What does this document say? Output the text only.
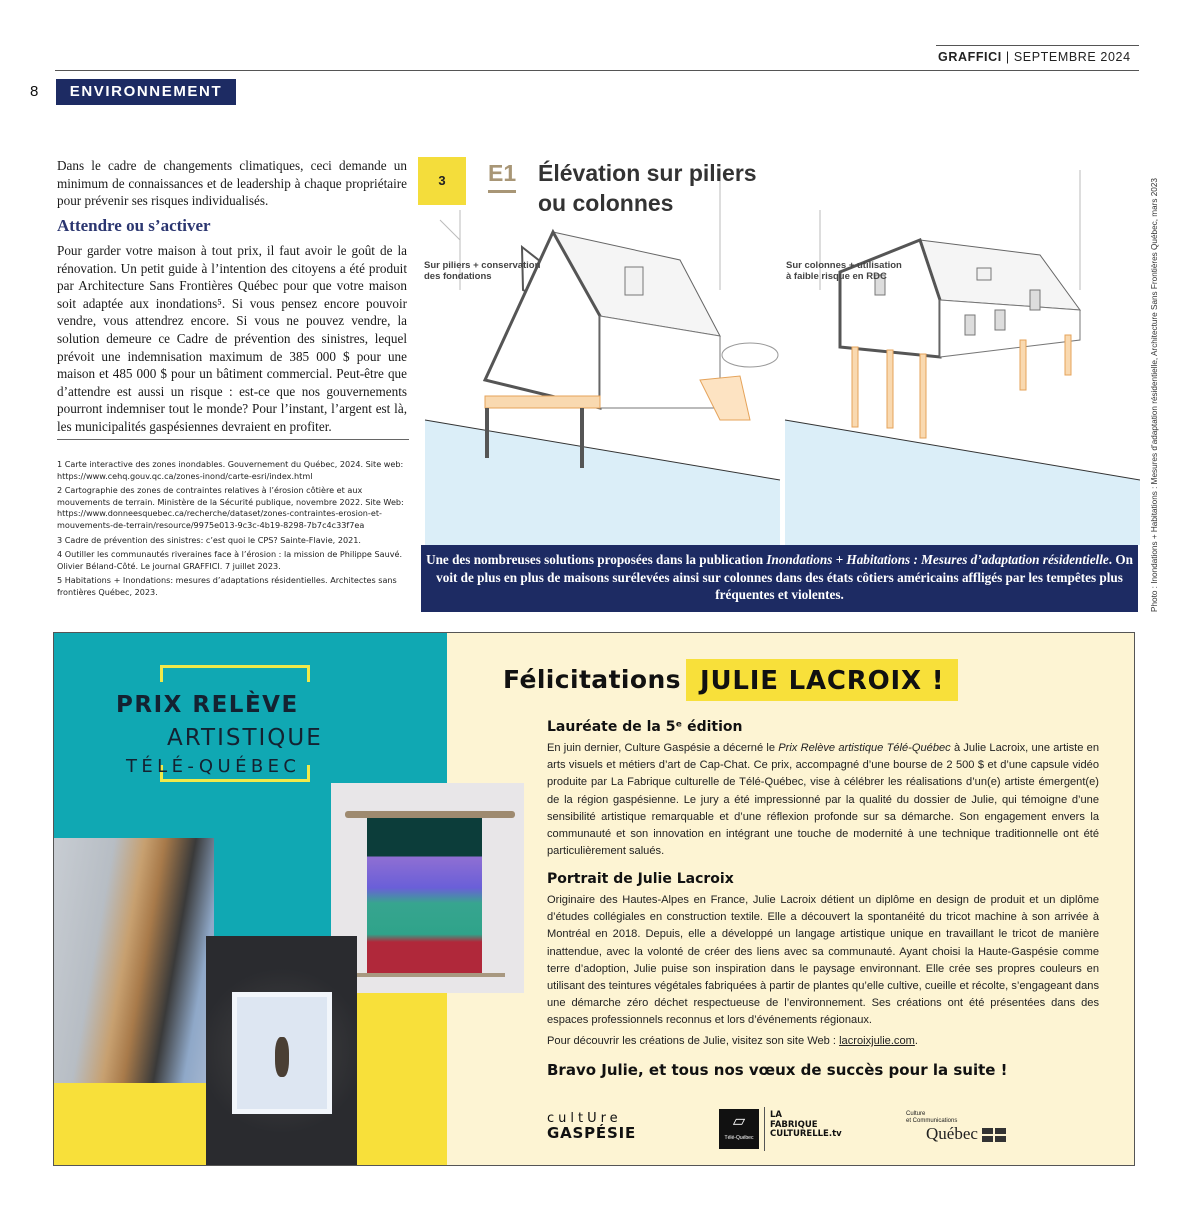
GRAFFICI | SEPTEMBRE 2024
8	ENVIRONNEMENT
Dans le cadre de changements climatiques, ceci demande un minimum de connaissances et de leadership à chaque propriétaire pour prévenir ses risques individualisés.
Attendre ou s’activer
Pour garder votre maison à tout prix, il faut avoir le goût de la rénovation. Un petit guide à l’intention des citoyens a été produit par Architecture Sans Frontières Québec pour que votre maison soit adaptée aux inondations⁵. Si vous pensez encore pouvoir vendre, vous attendrez encore. Si vous ne pouvez vendre, la solution demeure ce Cadre de prévention des sinistres, lequel prévoit une indemnisation maximum de 385 000 $ pour une maison et 485 000 $ pour un bâtiment commercial. Peut-être que d’attendre est aussi un risque : est-ce que nos gouvernements pourront indemniser tout le monde? Pour l’instant, l’argent est là, les municipalités gaspésiennes devraient en profiter.

1 Carte interactive des zones inondables. Gouvernement du Québec, 2024. Site web: https://www.cehq.gouv.qc.ca/zones-inond/carte-esri/index.html

2 Cartographie des zones de contraintes relatives à l’érosion côtière et aux mouvements de terrain. Ministère de la Sécurité publique, novembre 2022. Site Web: https://www.donneesquebec.ca/recherche/dataset/zones-contraintes-erosion-et-mouvements-de-terrain/resource/9975e013-9c3c-4b19-8298-7b7c4c33f7ea

3 Cadre de prévention des sinistres: c’est quoi le CPS? Sainte-Flavie, 2021.

4 Outiller les communautés riveraines face à l’érosion : la mission de Philippe Sauvé. Olivier Béland-Côté. Le journal GRAFFICI. 7 juillet 2023.

5 Habitations + Inondations: mesures d’adaptations résidentielles. Architectes sans frontières Québec, 2023.

3	E1 Élévation sur piliers
ou colonnes
Sur piliers + conservation
des fondations
Sur colonnes + utilisation
à faible risque en RDC
Une des nombreuses solutions proposées dans la publication Inondations + Habitations : Mesures d’adaptation résidentielle. On voit de plus en plus de maisons surélevées ainsi sur colonnes dans des états côtiers américains affligés par les tempêtes plus fréquentes et violentes.	Photo : Inondations + Habitations : Mesures d’adaptation résidentielle, Architecture Sans Frontières Québec, mars 2023
PRIX RELÈVE
ARTISTIQUE
TÉLÉ-QUÉBEC
Félicitations JULIE LACROIX !
Lauréate de la 5ᵉ édition
En juin dernier, Culture Gaspésie a décerné le Prix Relève artistique Télé-Québec à Julie Lacroix, une artiste en arts visuels et métiers d’art de Cap-Chat. Ce prix, accompagné d’une bourse de 2 500 $ et d’une capsule vidéo produite par La Fabrique culturelle de Télé-Québec, vise à célébrer les réalisations d’un(e) artiste émergent(e) de la région gaspésienne. Le jury a été impressionné par la qualité du dossier de Julie, qui témoigne d’une sensibilité artistique remarquable et d’une réflexion profonde sur sa démarche. Son engagement envers la communauté et son innovation en intégrant une touche de modernité à une technique traditionnelle ont été particulièrement salués.
Portrait de Julie Lacroix
Originaire des Hautes-Alpes en France, Julie Lacroix détient un diplôme en design de produit et un diplôme d’études collégiales en construction textile. Elle a découvert la spontanéité du tricot machine à son arrivée à Montréal en 2018. Depuis, elle a développé un langage artistique unique en travaillant le tricot de manière inattendue, avec la volonté de créer des liens avec sa communauté. Ayant choisi la Haute-Gaspésie comme terre d’adoption, Julie puise son inspiration dans le paysage environnant. Elle crée ses propres couleurs en utilisant des teintures végétales fabriquées à partir de plantes qu’elle cultive, cueille et récolte, s’engageant dans une démarche zéro déchet respectueuse de l’environnement. Ses créations ont été présentées dans des espaces professionnels reconnus et lors d’événements régionaux.
Pour découvrir les créations de Julie, visitez son site Web : lacroixjulie.com.
Bravo Julie, et tous nos vœux de succès pour la suite !
cultUre
GASPÉSIE
▱
Télé-Québec
LA
FABRIQUE
CULTURELLE.tv
Culture
et Communications
Québec
